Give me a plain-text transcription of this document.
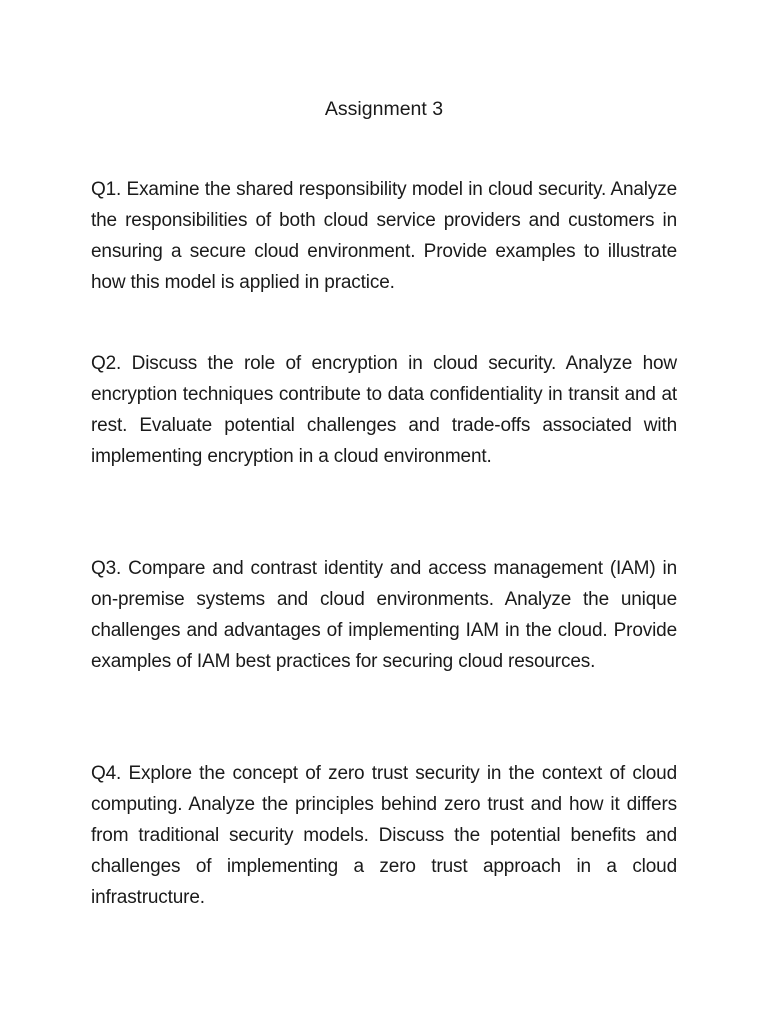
Assignment 3

Q1. Examine the shared responsibility model in cloud security. Analyze the responsibilities of both cloud service providers and customers in ensuring a secure cloud environment. Provide examples to illustrate how this model is applied in practice.

Q2. Discuss the role of encryption in cloud security. Analyze how encryption techniques contribute to data confidentiality in transit and at rest. Evaluate potential challenges and trade-offs associated with implementing encryption in a cloud environment.

Q3. Compare and contrast identity and access management (IAM) in on-premise systems and cloud environments. Analyze the unique challenges and advantages of implementing IAM in the cloud. Provide examples of IAM best practices for securing cloud resources.

Q4. Explore the concept of zero trust security in the context of cloud computing. Analyze the principles behind zero trust and how it differs from traditional security models. Discuss the potential benefits and challenges of implementing a zero trust approach in a cloud infrastructure.
